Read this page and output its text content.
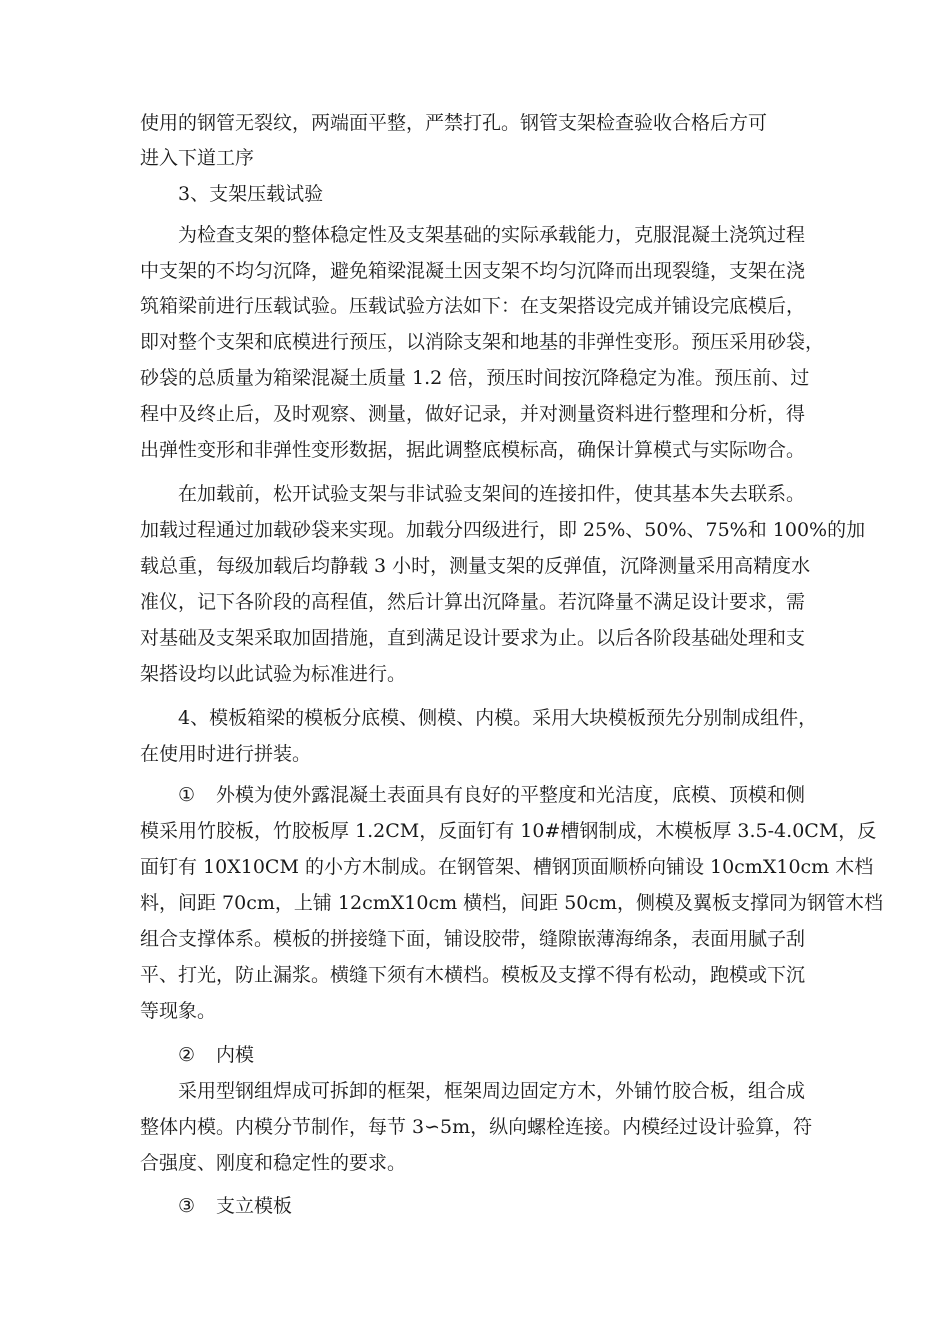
使用的钢管无裂纹，两端面平整，严禁打孔。钢管支架检查验收合格后方可
进入下道工序
3、支架压载试验
为检查支架的整体稳定性及支架基础的实际承载能力，克服混凝土浇筑过程
中支架的不均匀沉降，避免箱梁混凝土因支架不均匀沉降而出现裂缝，支架在浇
筑箱梁前进行压载试验。压载试验方法如下：在支架搭设完成并铺设完底模后，
即对整个支架和底模进行预压，以消除支架和地基的非弹性变形。预压采用砂袋，
砂袋的总质量为箱梁混凝土质量 1.2 倍，预压时间按沉降稳定为准。预压前、过
程中及终止后，及时观察、测量，做好记录，并对测量资料进行整理和分析，得
出弹性变形和非弹性变形数据，据此调整底模标高，确保计算模式与实际吻合。
在加载前，松开试验支架与非试验支架间的连接扣件，使其基本失去联系。
加载过程通过加载砂袋来实现。加载分四级进行，即 25%、50%、75%和 100%的加
载总重，每级加载后均静载 3 小时，测量支架的反弹值，沉降测量采用高精度水
准仪，记下各阶段的高程值，然后计算出沉降量。若沉降量不满足设计要求，需
对基础及支架采取加固措施，直到满足设计要求为止。以后各阶段基础处理和支
架搭设均以此试验为标准进行。
4、模板箱梁的模板分底模、侧模、内模。采用大块模板预先分别制成组件，
在使用时进行拼装。
① 外模为使外露混凝土表面具有良好的平整度和光洁度，底模、顶模和侧
模采用竹胶板，竹胶板厚 1.2CM，反面钉有 10#槽钢制成，木模板厚 3.5-4.0CM，反
面钉有 10X10CM 的小方木制成。在钢管架、槽钢顶面顺桥向铺设 10cmX10cm 木档
料，间距 70cm，上铺 12cmX10cm 横档，间距 50cm，侧模及翼板支撑同为钢管木档
组合支撑体系。模板的拼接缝下面，铺设胶带，缝隙嵌薄海绵条，表面用腻子刮
平、打光，防止漏浆。横缝下须有木横档。模板及支撑不得有松动，跑模或下沉
等现象。
② 内模
采用型钢组焊成可拆卸的框架，框架周边固定方木，外铺竹胶合板，组合成
整体内模。内模分节制作，每节 3∽5m，纵向螺栓连接。内模经过设计验算，符
合强度、刚度和稳定性的要求。
③ 支立模板
